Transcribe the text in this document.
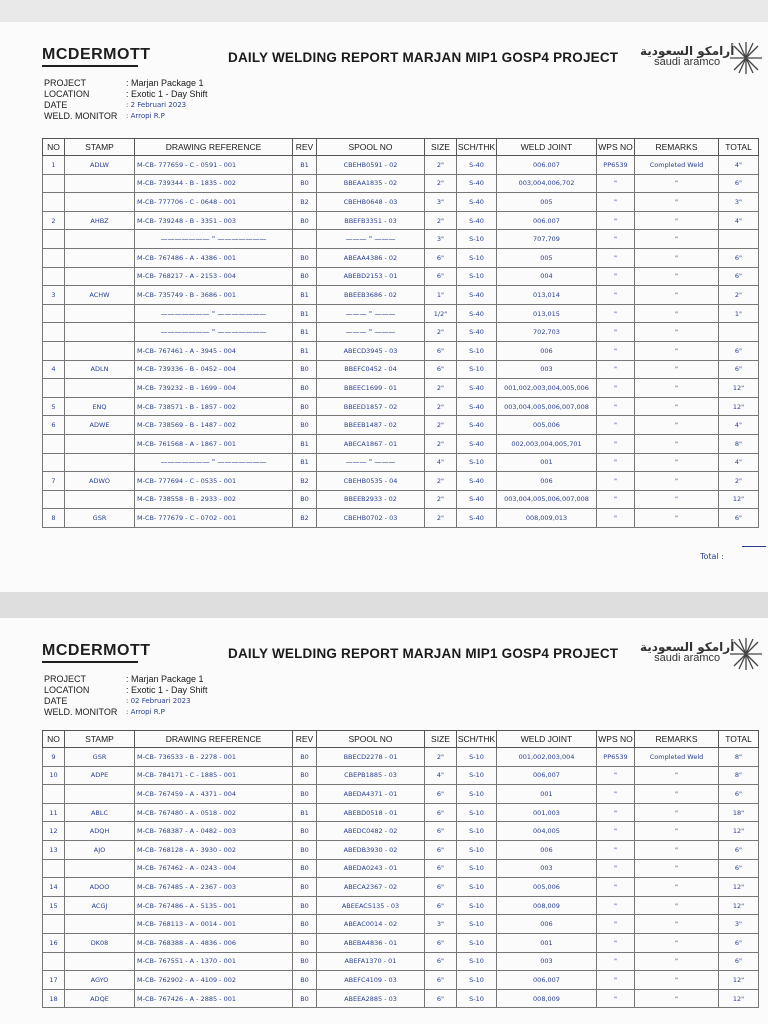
MCDERMOTT	DAILY WELDING REPORT MARJAN MIP1 GOSP4 PROJECT أرامكو السعودية
saudi aramco
PROJECT	: Marjan Package 1
LOCATION	: Exotic 1 - Day Shift
DATE	: 2 Februari 2023
WELD. MONITOR	: Arropi R.P
NO	STAMP	DRAWING REFERENCE	REV	SPOOL NO	SIZE	SCH/THK	WELD JOINT	WPS NO	REMARKS	TOTAL
1	ADLW	M-CB- 777659 - C - 0591 - 001	B1	CBEHB0591 - 02	2"	S-40	006.007	PP6539	Completed Weld	4"
		M-CB- 739344 - B - 1835 - 002	B0	BBEAA1835 - 02	2"	S-40	003,004,006,702	"	"	6"
		M-CB- 777706 - C - 0648 - 001	B2	CBEHB0648 - 03	3"	S-40	005	"	"	3"
2	AHBZ	M-CB- 739248 - B - 3351 - 003	B0	BBEFB3351 - 03	2"	S-40	006.007	"	"	4"
		——————— " ———————		——— " ———	3"	S-10	707,709	"	"	
		M-CB- 767486 - A - 4386 - 001	B0	ABEAA4386 - 02	6"	S-10	005	"	"	6"
		M-CB- 768217 - A - 2153 - 004	B0	ABEBD2153 - 01	6"	S-10	004	"	"	6"
3	ACHW	M-CB- 735749 - B - 3686 - 001	B1	BBEEB3686 - 02	1"	S-40	013,014	"	"	2"
		——————— " ———————	B1	——— " ———	1/2"	S-40	013,015	"	"	1"
		——————— " ———————	B1	——— " ———	2"	S-40	702,703	"	"	
		M-CB- 767461 - A - 3945 - 004	B1	ABECD3945 - 03	6"	S-10	006	"	"	6"
4	ADLN	M-CB- 739336 - B - 0452 - 004	B0	BBEFC0452 - 04	6"	S-10	003	"	"	6"
		M-CB- 739232 - B - 1699 - 004	B0	BBEEC1699 - 01	2"	S-40	001,002,003,004,005,006	"	"	12"
5	ENQ	M-CB- 738571 - B - 1857 - 002	B0	BBEED1857 - 02	2"	S-40	003,004,005,006,007,008	"	"	12"
6	ADWE	M-CB- 738569 - B - 1487 - 002	B0	BBEEB1487 - 02	2"	S-40	005,006	"	"	4"
		M-CB- 761568 - A - 1867 - 001	B1	ABECA1867 - 01	2"	S-40	002,003,004,005,701	"	"	8"
		——————— " ———————	B1	——— " ———	4"	S-10	001	"	"	4"
7	ADWO	M-CB- 777694 - C - 0535 - 001	B2	CBEHB0535 - 04	2"	S-40	006	"	"	2"
		M-CB- 738558 - B - 2933 - 002	B0	BBEEB2933 - 02	2"	S-40	003,004,005,006,007,008	"	"	12"
8	GSR	M-CB- 777679 - C - 0702 - 001	B2	CBEHB0702 - 03	2"	S-40	008,009,013	"	"	6"
Total :
MCDERMOTT	DAILY WELDING REPORT MARJAN MIP1 GOSP4 PROJECT أرامكو السعودية
saudi aramco
PROJECT	: Marjan Package 1
LOCATION	: Exotic 1 - Day Shift
DATE	: 02 Februari 2023
WELD. MONITOR	: Arropi R.P
NO	STAMP	DRAWING REFERENCE	REV	SPOOL NO	SIZE	SCH/THK	WELD JOINT	WPS NO	REMARKS	TOTAL
9	GSR	M-CB- 736533 - B - 2278 - 001	B0	BBECD2278 - 01	2"	S-10	001,002,003,004	PP6539	Completed Weld	8"
10	ADPE	M-CB- 784171 - C - 1885 - 001	B0	CBEPB1885 - 03	4"	S-10	006,007	"	"	8"
		M-CB- 767459 - A - 4371 - 004	B0	ABEDA4371 - 01	6"	S-10	001	"	"	6"
11	ABLC	M-CB- 767480 - A - 0518 - 002	B1	ABEBD0518 - 01	6"	S-10	001,003	"	"	18"
12	ADQH	M-CB- 768387 - A - 0482 - 003	B0	ABEDC0482 - 02	6"	S-10	004,005	"	"	12"
13	AJO	M-CB- 768128 - A - 3930 - 002	B0	ABEDB3930 - 02	6"	S-10	006	"	"	6"
		M-CB- 767462 - A - 0243 - 004	B0	ABEDA0243 - 01	6"	S-10	003	"	"	6"
14	ADOO	M-CB- 767485 - A - 2367 - 003	B0	ABECA2367 - 02	6"	S-10	005,006	"	"	12"
15	ACGJ	M-CB- 767486 - A - 5135 - 001	B0	ABEEAC5135 - 03	6"	S-10	008,009	"	"	12"
		M-CB- 768113 - A - 0014 - 001	B0	ABEAC0014 - 02	3"	S-10	006	"	"	3"
16	DK08	M-CB- 768388 - A - 4836 - 006	B0	ABEBA4836 - 01	6"	S-10	001	"	"	6"
		M-CB- 767551 - A - 1370 - 001	B0	ABEFA1370 - 01	6"	S-10	003	"	"	6"
17	AGYO	M-CB- 762902 - A - 4109 - 002	B0	ABEFC4109 - 03	6"	S-10	006,007	"	"	12"
18	ADQE	M-CB- 767426 - A - 2885 - 001	B0	ABEEA2885 - 03	6"	S-10	008,009	"	"	12"
